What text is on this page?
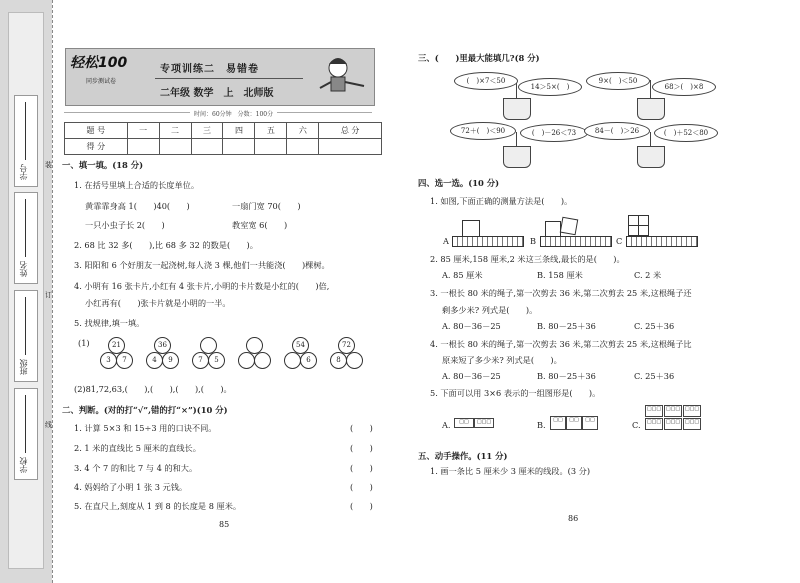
学号
姓名
班级
学校
装
订
线
轻松100
同步测试卷
专项训练二　易错卷
二年级 数学　上　北师版
时间：60分钟　分数：100分
题 号	一	二	三	四	五	六	总 分
得 分							
一、填一填。(18 分)
1. 在括号里填上合适的长度单位。
黄霏霏身高 1(　　)40(　　)	一扇门宽 70(　　)
一只小虫子长 2(　　)	教室宽 6(　　)
2. 68 比 32 多(　　),比 68 多 32 的数是(　　)。
3. 阳阳和 6 个好朋友一起浇树,每人浇 3 棵,他们一共能浇(　　)棵树。
4. 小明有 16 张卡片,小红有 4 张卡片,小明的卡片数是小红的(　　)倍,
小红再有(　　)张卡片就是小明的一半。
5. 找规律,填一填。
(1)	21
3	7
36
4	9	7	5
54
6
72
8
(2)81,72,63,(　　),(　　),(　　),(　　)。
二、判断。(对的打“√”,错的打“×”)(10 分)
1. 计算 5×3 和 15÷3 用的口诀不同。	(　　)
2. 1 米的直线比 5 厘米的直线长。	(　　)
3. 4 个 7 的和比 7 与 4 的和大。	(　　)
4. 妈妈给了小明 1 张 3 元钱。	(　　)
5. 在直尺上,刻度从 1 到 8 的长度是 8 厘米。	(　　)
85
三、(　　)里最大能填几?(8 分)
(　)×7＜50
14＞5×(　)
9×(　)＜50
68＞(　)×8
72＋(　)＜90	(　)－26＜73	84－(　)＞26	(　)＋52＜80
四、选一选。(10 分)
1. 如图,下面正确的测量方法是(　　)。
A	B	C
2. 85 厘米,158 厘米,2 米这三条线,最长的是(　　)。
A. 85 厘米	B. 158 厘米	C. 2 米
3. 一根长 80 米的绳子,第一次剪去 36 米,第二次剪去 25 米,这根绳子还
剩多少米? 列式是(　　)。
A. 80－36－25	B. 80－25＋36	C. 25＋36
4. 一根长 80 米的绳子,第一次剪去 36 米,第二次剪去 25 米,这根绳子比
原来短了多少米? 列式是(　　)。
A. 80－36－25	B. 80－25＋36	C. 25＋36
5. 下面可以用 3×6 表示的一组图形是(　　)。
A.	□□	□□□	B.	□□	□□	□□	C.
□□□ □□□ □□□
□□□ □□□ □□□
五、动手操作。(11 分)
1. 画一条比 5 厘米少 3 厘米的线段。(3 分)
86
